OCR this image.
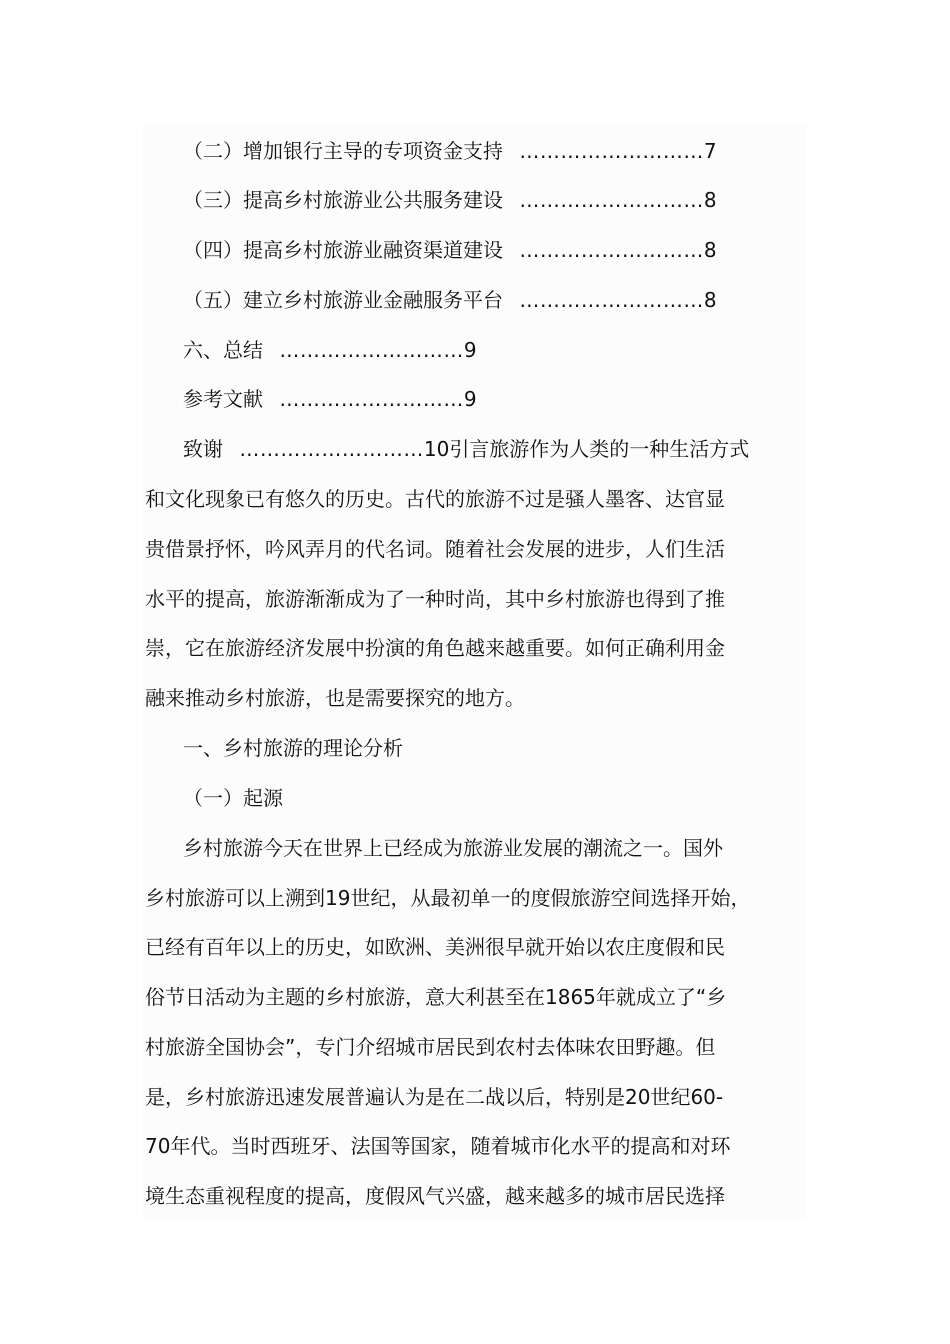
（二）增加银行主导的专项资金支持 ………………………7
（三）提高乡村旅游业公共服务建设 ………………………8
（四）提高乡村旅游业融资渠道建设 ………………………8
（五）建立乡村旅游业金融服务平台 ………………………8
六、总结 ………………………9
参考文献 ………………………9
致谢 ………………………10引言旅游作为人类的一种生活方式
和文化现象已有悠久的历史。古代的旅游不过是骚人墨客、达官显
贵借景抒怀，吟风弄月的代名词。随着社会发展的进步，人们生活
水平的提高，旅游渐渐成为了一种时尚，其中乡村旅游也得到了推
崇，它在旅游经济发展中扮演的角色越来越重要。如何正确利用金
融来推动乡村旅游，也是需要探究的地方。
一、乡村旅游的理论分析
（一）起源
乡村旅游今天在世界上已经成为旅游业发展的潮流之一。国外
乡村旅游可以上溯到19世纪，从最初单一的度假旅游空间选择开始，
已经有百年以上的历史，如欧洲、美洲很早就开始以农庄度假和民
俗节日活动为主题的乡村旅游，意大利甚至在1865年就成立了“乡
村旅游全国协会”，专门介绍城市居民到农村去体味农田野趣。但
是，乡村旅游迅速发展普遍认为是在二战以后，特别是20世纪60-
70年代。当时西班牙、法国等国家，随着城市化水平的提高和对环
境生态重视程度的提高，度假风气兴盛，越来越多的城市居民选择
